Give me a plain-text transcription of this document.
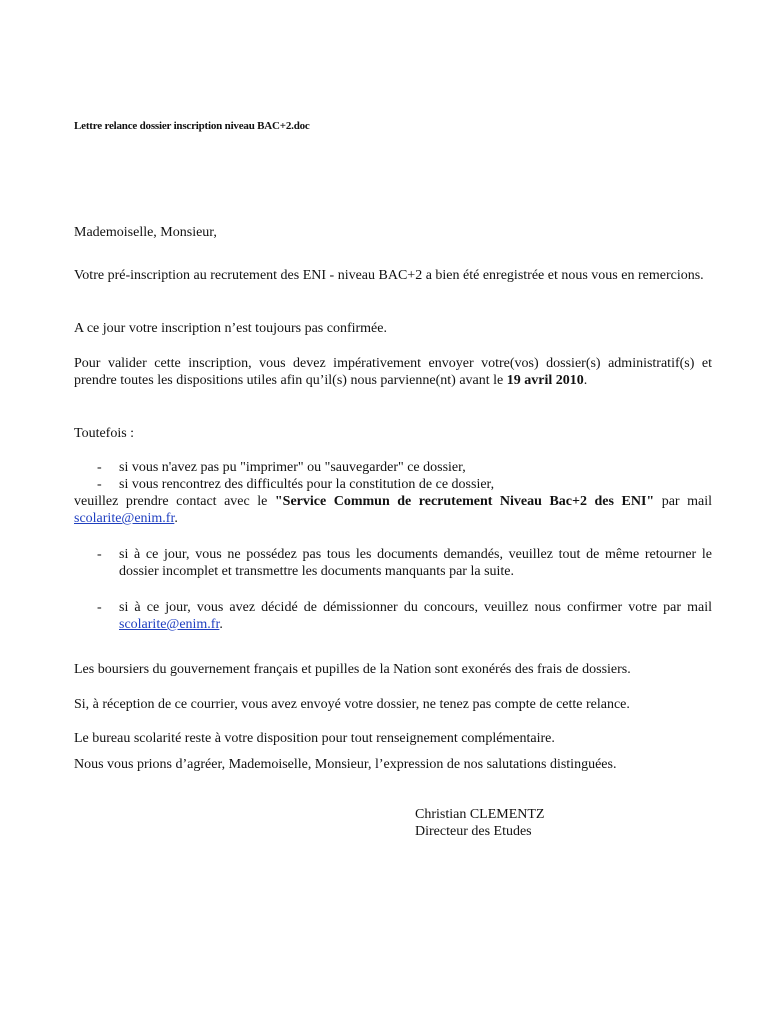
Lettre relance dossier inscription niveau BAC+2.doc
Mademoiselle, Monsieur,
Votre pré-inscription au recrutement des ENI - niveau BAC+2 a bien été enregistrée et nous vous en remercions.
A ce jour votre inscription n’est toujours pas confirmée.
Pour valider cette inscription, vous devez impérativement envoyer votre(vos) dossier(s) administratif(s) et prendre toutes les dispositions utiles afin qu’il(s) nous parvienne(nt) avant le 19 avril 2010.
Toutefois :
-	si vous n'avez pas pu "imprimer" ou "sauvegarder" ce dossier,
-	si vous rencontrez des difficultés pour la constitution de ce dossier,
veuillez prendre contact avec le "Service Commun de recrutement Niveau Bac+2 des ENI" par mail scolarite@enim.fr.
-	si à ce jour, vous ne possédez pas tous les documents demandés, veuillez tout de même retourner le dossier incomplet et transmettre les documents manquants par la suite.
-	si à ce jour, vous avez décidé de démissionner du concours, veuillez nous confirmer votre par mail scolarite@enim.fr.
Les boursiers du gouvernement français et pupilles de la Nation sont exonérés des frais de dossiers.
Si, à réception de ce courrier, vous avez envoyé votre dossier, ne tenez pas compte de cette relance.
Le bureau scolarité reste à votre disposition pour tout renseignement complémentaire.
Nous vous prions d’agréer, Mademoiselle, Monsieur, l’expression de nos salutations distinguées.
Christian CLEMENTZ
Directeur des Etudes
